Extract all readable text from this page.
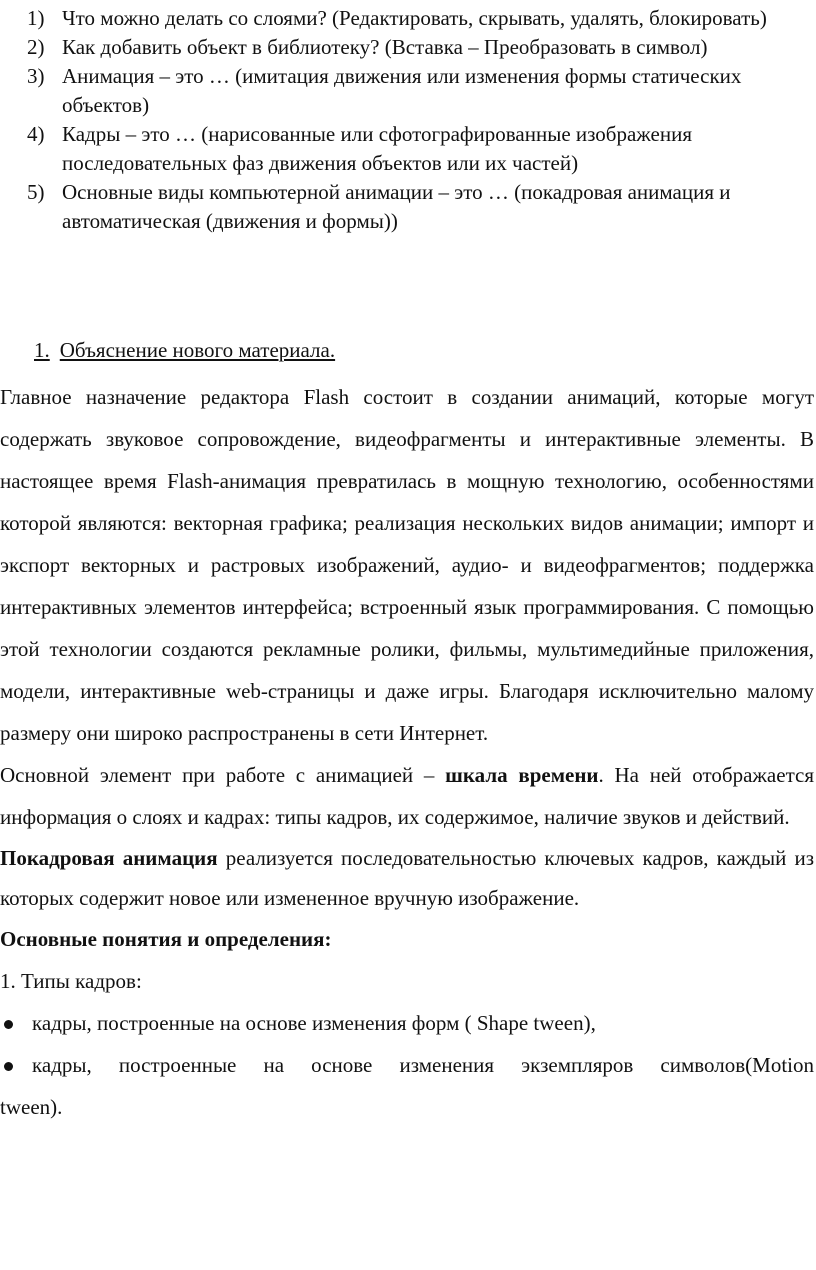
1) Что можно делать со слоями? (Редактировать, скрывать, удалять, блокировать)
2) Как добавить объект в библиотеку? (Вставка – Преобразовать в символ)
3) Анимация – это … (имитация движения или изменения формы статических объектов)
4) Кадры – это … (нарисованные или сфотографированные изображения последовательных фаз движения объектов или их частей)
5) Основные виды компьютерной анимации – это … (покадровая анимация и автоматическая (движения и формы))
1. Объяснение нового материала.

Главное назначение редактора Flash состоит в создании анимаций, которые могут содержать звуковое сопровождение, видеофрагменты и интерактивные элементы. В настоящее время Flash-анимация превратилась в мощную технологию, особенностями которой являются: векторная графика; реализация нескольких видов анимации; импорт и экспорт векторных и растровых изображений, аудио- и видеофрагментов; поддержка интерактивных элементов интерфейса; встроенный язык программирования. С помощью этой технологии создаются рекламные ролики, фильмы, мультимедийные приложения, модели, интерактивные web-страницы и даже игры. Благодаря исключительно малому размеру они широко распространены в сети Интернет.

Основной элемент при работе с анимацией – шкала времени. На ней отображается информация о слоях и кадрах: типы кадров, их содержимое, наличие звуков и действий.

Покадровая анимация реализуется последовательностью ключевых кадров, каждый из которых содержит новое или измененное вручную изображение.

Основные понятия и определения:

1. Типы кадров:

кадры, построенные на основе изменения форм ( Shape tween),
кадры, построенные на основе изменения экземпляров символов(Motion
tween).
